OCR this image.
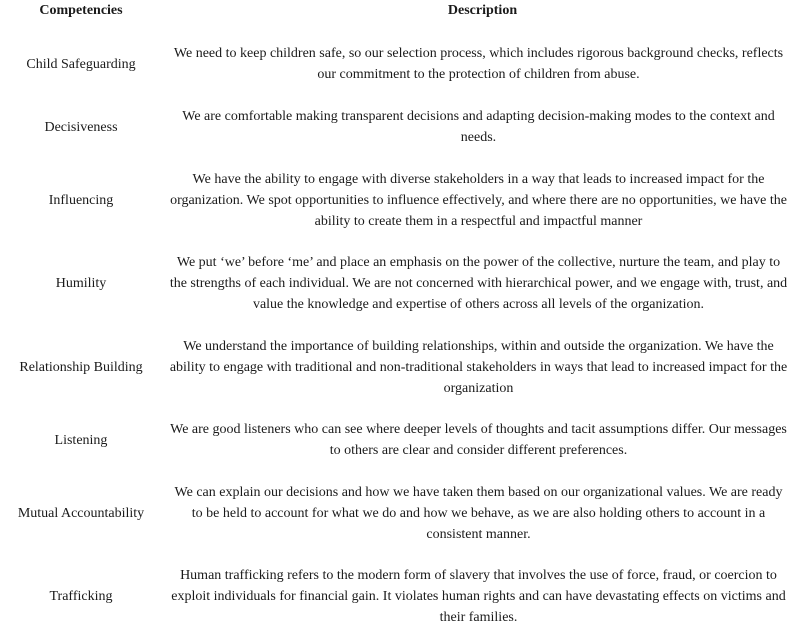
Competencies	Description
Child Safeguarding	We need to keep children safe, so our selection process, which includes rigorous background checks, reflects our commitment to the protection of children from abuse.
Decisiveness	We are comfortable making transparent decisions and adapting decision-making modes to the context and needs.
Influencing	We have the ability to engage with diverse stakeholders in a way that leads to increased impact for the organization. We spot opportunities to influence effectively, and where there are no opportunities, we have the ability to create them in a respectful and impactful manner
Humility	We put ‘we’ before ‘me’ and place an emphasis on the power of the collective, nurture the team, and play to the strengths of each individual. We are not concerned with hierarchical power, and we engage with, trust, and value the knowledge and expertise of others across all levels of the organization.
Relationship Building	We understand the importance of building relationships, within and outside the organization. We have the ability to engage with traditional and non-traditional stakeholders in ways that lead to increased impact for the organization
Listening	We are good listeners who can see where deeper levels of thoughts and tacit assumptions differ. Our messages to others are clear and consider different preferences.
Mutual Accountability	We can explain our decisions and how we have taken them based on our organizational values. We are ready to be held to account for what we do and how we behave, as we are also holding others to account in a consistent manner.
Trafficking	Human trafficking refers to the modern form of slavery that involves the use of force, fraud, or coercion to exploit individuals for financial gain. It violates human rights and can have devastating effects on victims and their families.
